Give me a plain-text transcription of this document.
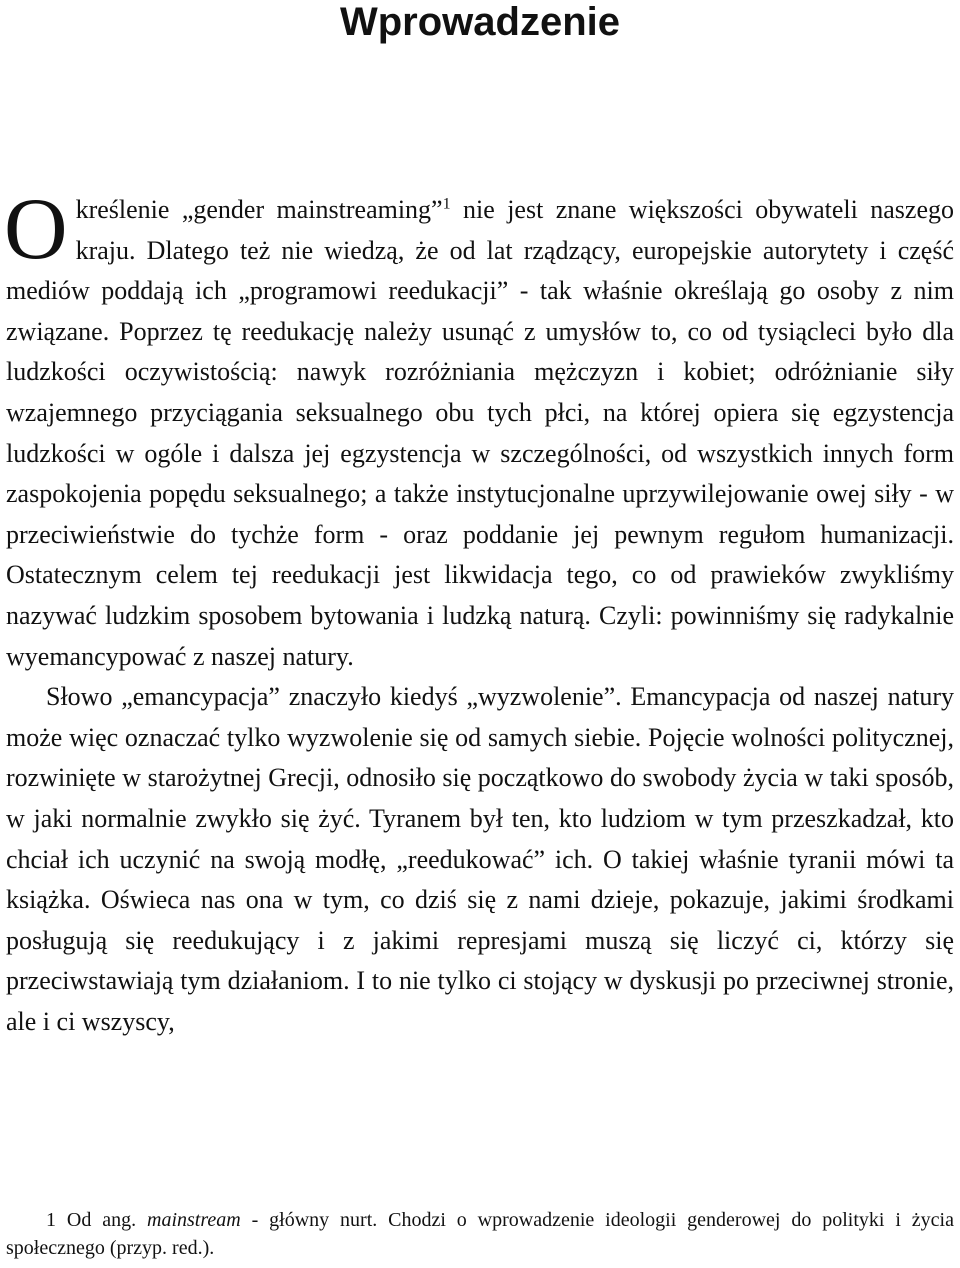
Wprowadzenie

Określenie „gender mainstreaming”$^1$ nie jest znane większości obywateli naszego kraju. Dlatego też nie wiedzą, że od lat rządzący, europejskie autorytety i część mediów poddają ich „programowi reedukacji” - tak właśnie określają go osoby z nim związane. Poprzez tę reedukację należy usunąć z umysłów to, co od tysiącleci było dla ludzkości oczywistością: nawyk rozróżniania mężczyzn i kobiet; odróżnianie siły wzajemnego przyciągania seksualnego obu tych płci, na której opiera się egzystencja ludzkości w ogóle i dalsza jej egzystencja w szczególności, od wszystkich innych form zaspokojenia popędu seksualnego; a także instytucjonalne uprzywilejowanie owej siły - w przeciwieństwie do tychże form - oraz poddanie jej pewnym regułom humanizacji. Ostatecznym celem tej reedukacji jest likwidacja tego, co od prawieków zwykliśmy nazywać ludzkim sposobem bytowania i ludzką naturą. Czyli: powinniśmy się radykalnie wyemancypować z naszej natury.

Słowo „emancypacja” znaczyło kiedyś „wyzwolenie”. Emancypacja od naszej natury może więc oznaczać tylko wyzwolenie się od samych siebie. Pojęcie wolności politycznej, rozwinięte w starożytnej Grecji, odnosiło się początkowo do swobody życia w taki sposób, w jaki normalnie zwykło się żyć. Tyranem był ten, kto ludziom w tym przeszkadzał, kto chciał ich uczynić na swoją modłę, „reedukować” ich. O takiej właśnie tyranii mówi ta książka. Oświeca nas ona w tym, co dziś się z nami dzieje, pokazuje, jakimi środkami posługują się reedukujący i z jakimi represjami muszą się liczyć ci, którzy się przeciwstawiają tym działaniom. I to nie tylko ci stojący w dyskusji po przeciwnej stronie, ale i ci wszyscy,

1 Od ang. mainstream - główny nurt. Chodzi o wprowadzenie ideologii genderowej do polityki i życia społecznego (przyp. red.).
